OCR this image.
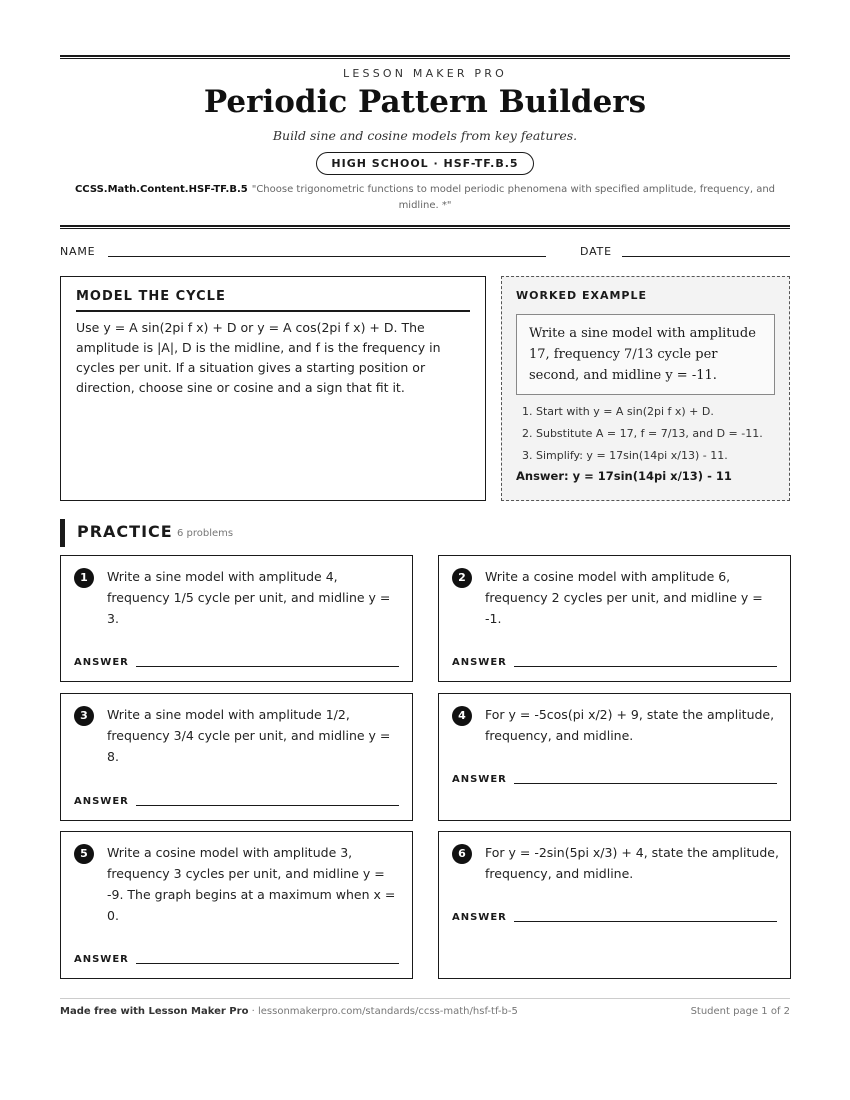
LESSON MAKER PRO
Periodic Pattern Builders
Build sine and cosine models from key features.
HIGH SCHOOL · HSF-TF.B.5
CCSS.Math.Content.HSF-TF.B.5 "Choose trigonometric functions to model periodic phenomena with specified amplitude, frequency, and midline. *"
NAME	DATE
MODEL THE CYCLE

Use y = A sin(2pi f x) + D or y = A cos(2pi f x) + D. The amplitude is |A|, D is the midline, and f is the frequency in cycles per unit. If a situation gives a starting position or direction, choose sine or cosine and a sign that fit it.

WORKED EXAMPLE
Write a sine model with amplitude 17, frequency 7/13 cycle per second, and midline y = -11.
1. Start with y = A sin(2pi f x) + D.
2. Substitute A = 17, f = 7/13, and D = -11.
3. Simplify: y = 17sin(14pi x/13) - 11.
Answer: y = 17sin(14pi x/13) - 11
PRACTICE 6 problems
1	Write a sine model with amplitude 4, frequency 1/5 cycle per unit, and midline y = 3.
ANSWER
2	Write a cosine model with amplitude 6, frequency 2 cycles per unit, and midline y = -1.
ANSWER
3	Write a sine model with amplitude 1/2, frequency 3/4 cycle per unit, and midline y = 8.
ANSWER
4	For y = -5cos(pi x/2) + 9, state the amplitude, frequency, and midline.
ANSWER
5	Write a cosine model with amplitude 3, frequency 3 cycles per unit, and midline y = -9. The graph begins at a maximum when x = 0.
ANSWER
6	For y = -2sin(5pi x/3) + 4, state the amplitude, frequency, and midline.
ANSWER
Made free with Lesson Maker Pro · lessonmakerpro.com/standards/ccss-math/hsf-tf-b-5	Student page 1 of 2
